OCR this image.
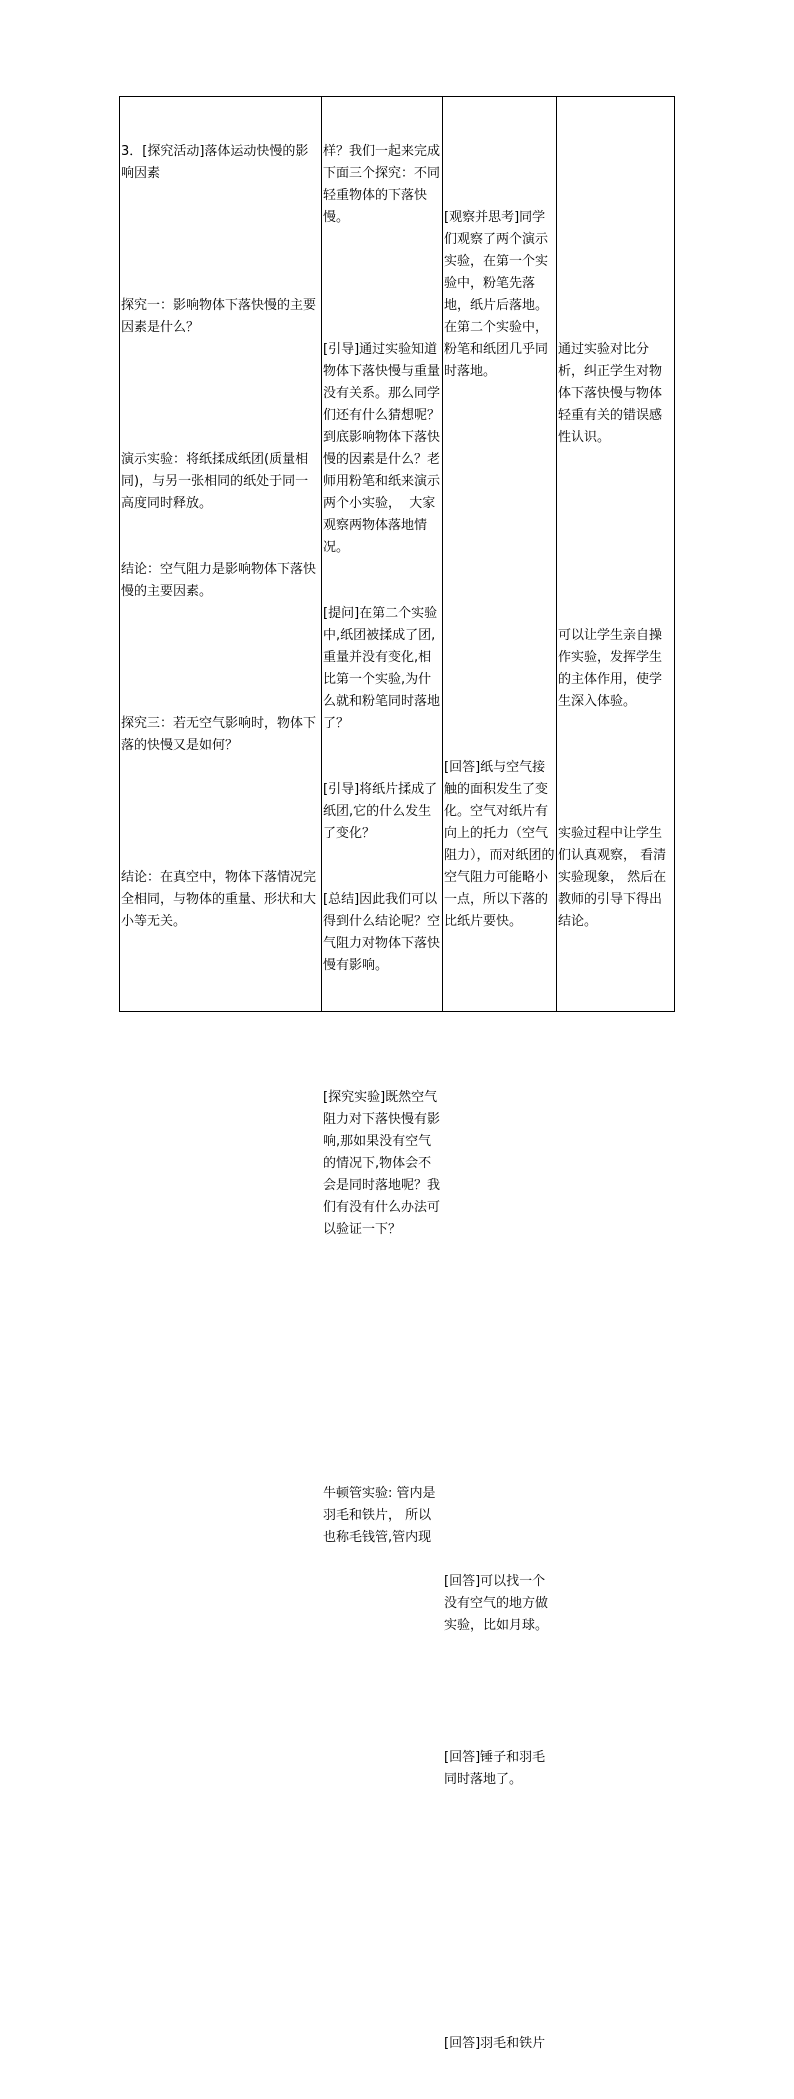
3．[探究活动]落体运动快慢的影响因素

探究一：影响物体下落快慢的主要因素是什么？

演示实验：将纸揉成纸团(质量相同)，与另一张相同的纸处于同一高度同时释放。

结论：空气阻力是影响物体下落快慢的主要因素。

探究三：若无空气影响时，物体下落的快慢又是如何？

结论：在真空中，物体下落情况完全相同，与物体的重量、形状和大小等无关。

样？我们一起来完成下面三个探究：不同轻重物体的下落快慢。

[引导]通过实验知道物体下落快慢与重量没有关系。那么同学们还有什么猜想呢？到底影响物体下落快慢的因素是什么？老师用粉笔和纸来演示两个小实验，  大家观察两物体落地情况。

[提问]在第二个实验中,纸团被揉成了团,重量并没有变化,相比第一个实验,为什么就和粉笔同时落地了？

[引导]将纸片揉成了纸团,它的什么发生了变化？

[总结]因此我们可以得到什么结论呢？空气阻力对物体下落快慢有影响。

[探究实验]既然空气阻力对下落快慢有影响,那如果没有空气的情况下,物体会不会是同时落地呢？我们有没有什么办法可以验证一下？

牛顿管实验: 管内是羽毛和铁片， 所以也称毛钱管,管内现

[观察并思考]同学们观察了两个演示实验，在第一个实验中，粉笔先落地，纸片后落地。在第二个实验中，粉笔和纸团几乎同时落地。

[回答]纸与空气接触的面积发生了变化。空气对纸片有向上的托力（空气阻力），而对纸团的空气阻力可能略小一点，所以下落的比纸片要快。

[回答]可以找一个没有空气的地方做实验，比如月球。

[回答]锤子和羽毛同时落地了。

[回答]羽毛和铁片

通过实验对比分析，纠正学生对物体下落快慢与物体轻重有关的错误感性认识。

可以让学生亲自操作实验，发挥学生的主体作用，使学生深入体验。

实验过程中让学生们认真观察， 看清实验现象， 然后在教师的引导下得出结论。
